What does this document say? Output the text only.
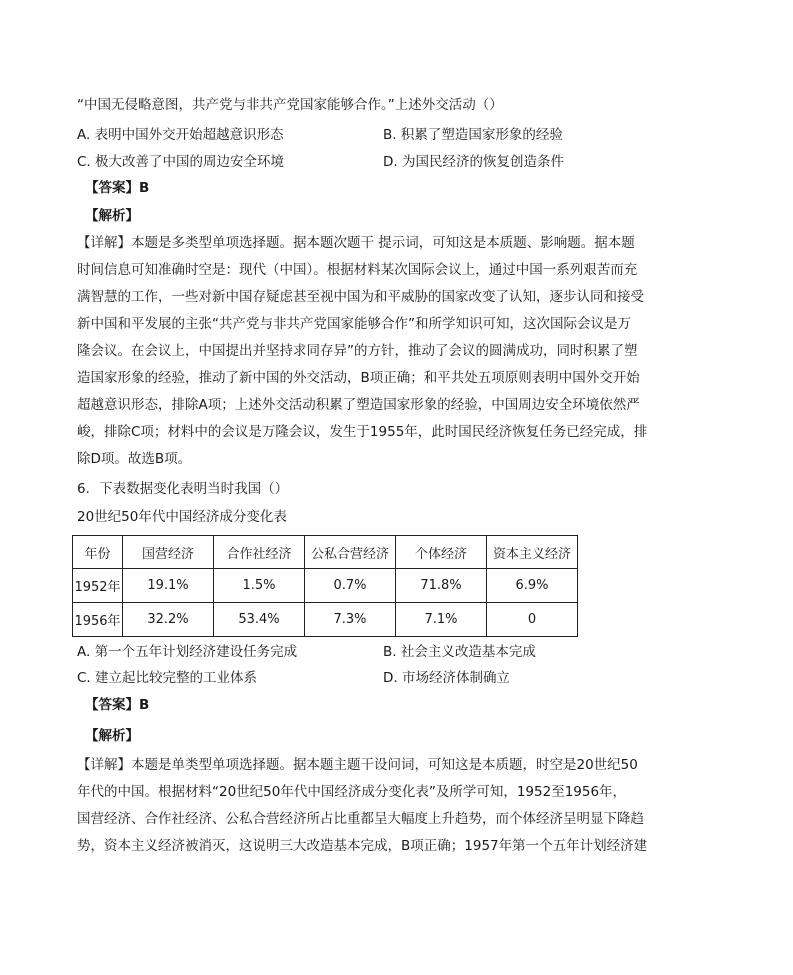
“中国无侵略意图，共产党与非共产党国家能够合作。”上述外交活动（）
A. 表明中国外交开始超越意识形态	B. 积累了塑造国家形象的经验
C. 极大改善了中国的周边安全环境	D. 为国民经济的恢复创造条件
【答案】B
【解析】
【详解】本题是多类型单项选择题。据本题次题干 提示词，可知这是本质题、影响题。据本题
时间信息可知准确时空是：现代（中国）。根据材料某次国际会议上，通过中国一系列艰苦而充
满智慧的工作，一些对新中国存疑虑甚至视中国为和平威胁的国家改变了认知，逐步认同和接受
新中国和平发展的主张“共产党与非共产党国家能够合作”和所学知识可知，这次国际会议是万
隆会议。在会议上，中国提出并坚持求同存异”的方针，推动了会议的圆满成功，同时积累了塑
造国家形象的经验，推动了新中国的外交活动，B项正确；和平共处五项原则表明中国外交开始
超越意识形态，排除A项；上述外交活动积累了塑造国家形象的经验，中国周边安全环境依然严
峻，排除C项；材料中的会议是万隆会议，发生于1955年，此时国民经济恢复任务已经完成，排
除D项。故选B项。
6．下表数据变化表明当时我国（）
20世纪50年代中国经济成分变化表
年份	国营经济	合作社经济	公私合营经济	个体经济	资本主义经济
1952年	19.1%	1.5%	0.7%	71.8%	6.9%
1956年	32.2%	53.4%	7.3%	7.1%	0
A. 第一个五年计划经济建设任务完成	B. 社会主义改造基本完成
C. 建立起比较完整的工业体系	D. 市场经济体制确立
【答案】B
【解析】
【详解】本题是单类型单项选择题。据本题主题干设问词，可知这是本质题，时空是20世纪50
年代的中国。根据材料“20世纪50年代中国经济成分变化表”及所学可知，1952至1956年，
国营经济、合作社经济、公私合营经济所占比重都呈大幅度上升趋势，而个体经济呈明显下降趋
势，资本主义经济被消灭，这说明三大改造基本完成，B项正确；1957年第一个五年计划经济建
